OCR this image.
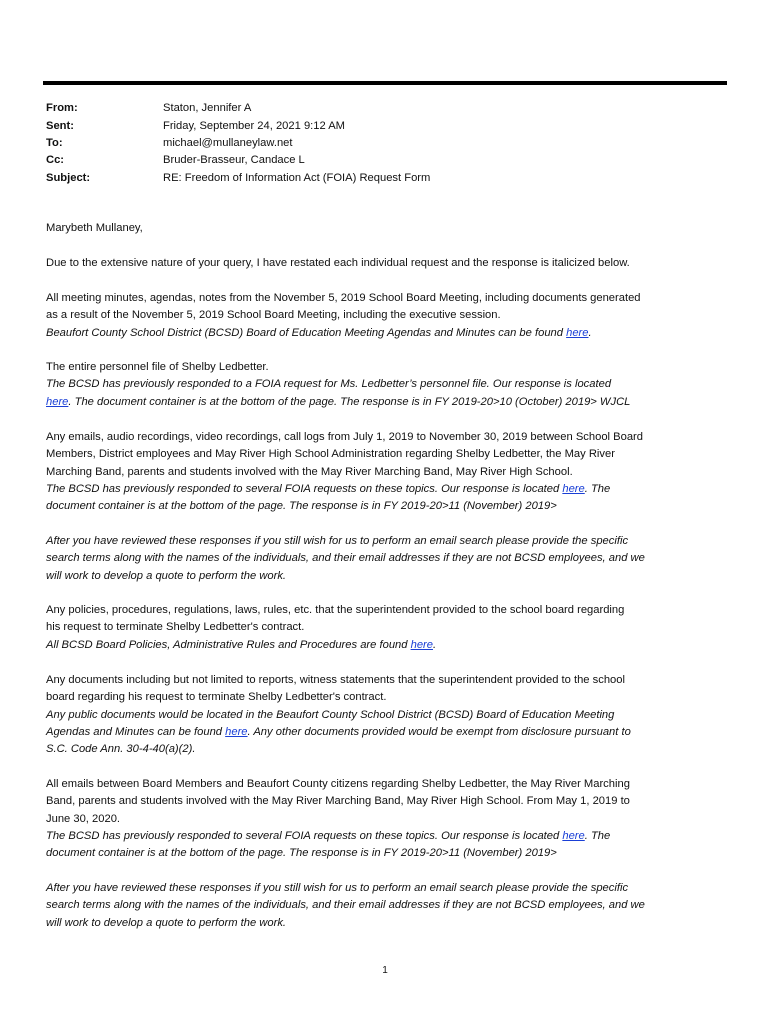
From:	Staton, Jennifer A
Sent:	Friday, September 24, 2021 9:12 AM
To:	michael@mullaneylaw.net
Cc:	Bruder-Brasseur, Candace L
Subject:	RE: Freedom of Information Act (FOIA) Request Form
Marybeth Mullaney,
Due to the extensive nature of your query, I have restated each individual request and the response is italicized below.
All meeting minutes, agendas, notes from the November 5, 2019 School Board Meeting, including documents generated
as a result of the November 5, 2019 School Board Meeting, including the executive session.
Beaufort County School District (BCSD) Board of Education Meeting Agendas and Minutes can be found here.
The entire personnel file of Shelby Ledbetter.
The BCSD has previously responded to a FOIA request for Ms. Ledbetter’s personnel file. Our response is located
here. The document container is at the bottom of the page. The response is in FY 2019-20>10 (October) 2019> WJCL
Any emails, audio recordings, video recordings, call logs from July 1, 2019 to November 30, 2019 between School Board
Members, District employees and May River High School Administration regarding Shelby Ledbetter, the May River
Marching Band, parents and students involved with the May River Marching Band, May River High School.
The BCSD has previously responded to several FOIA requests on these topics. Our response is located here. The
document container is at the bottom of the page. The response is in FY 2019-20>11 (November) 2019>
After you have reviewed these responses if you still wish for us to perform an email search please provide the specific
search terms along with the names of the individuals, and their email addresses if they are not BCSD employees, and we
will work to develop a quote to perform the work.
Any policies, procedures, regulations, laws, rules, etc. that the superintendent provided to the school board regarding
his request to terminate Shelby Ledbetter's contract.
All BCSD Board Policies, Administrative Rules and Procedures are found here.
Any documents including but not limited to reports, witness statements that the superintendent provided to the school
board regarding his request to terminate Shelby Ledbetter's contract.
Any public documents would be located in the Beaufort County School District (BCSD) Board of Education Meeting
Agendas and Minutes can be found here. Any other documents provided would be exempt from disclosure pursuant to
S.C. Code Ann. 30-4-40(a)(2).
All emails between Board Members and Beaufort County citizens regarding Shelby Ledbetter, the May River Marching
Band, parents and students involved with the May River Marching Band, May River High School. From May 1, 2019 to
June 30, 2020.
The BCSD has previously responded to several FOIA requests on these topics. Our response is located here. The
document container is at the bottom of the page. The response is in FY 2019-20>11 (November) 2019>
After you have reviewed these responses if you still wish for us to perform an email search please provide the specific
search terms along with the names of the individuals, and their email addresses if they are not BCSD employees, and we
will work to develop a quote to perform the work.
1
